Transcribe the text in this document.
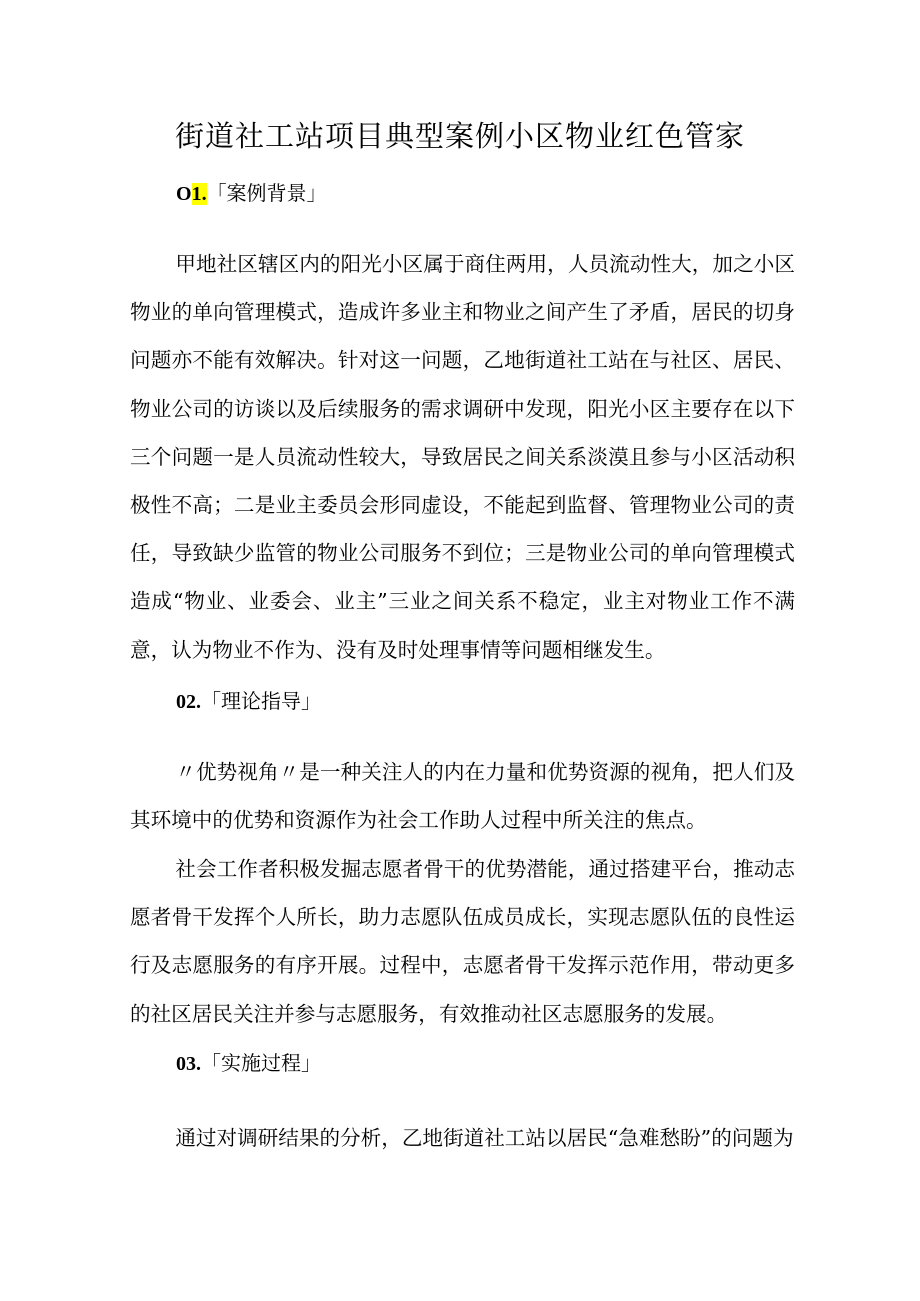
街道社工站项目典型案例小区物业红色管家
O1.「案例背景」

甲地社区辖区内的阳光小区属于商住两用，人员流动性大，加之小区物业的单向管理模式，造成许多业主和物业之间产生了矛盾，居民的切身问题亦不能有效解决。针对这一问题，乙地街道社工站在与社区、居民、物业公司的访谈以及后续服务的需求调研中发现，阳光小区主要存在以下三个问题一是人员流动性较大，导致居民之间关系淡漠且参与小区活动积极性不高；二是业主委员会形同虚设，不能起到监督、管理物业公司的责任，导致缺少监管的物业公司服务不到位；三是物业公司的单向管理模式造成“物业、业委会、业主”三业之间关系不稳定，业主对物业工作不满意，认为物业不作为、没有及时处理事情等问题相继发生。

02.「理论指导」

〃优势视角〃是一种关注人的内在力量和优势资源的视角，把人们及其环境中的优势和资源作为社会工作助人过程中所关注的焦点。

社会工作者积极发掘志愿者骨干的优势潜能，通过搭建平台，推动志愿者骨干发挥个人所长，助力志愿队伍成员成长，实现志愿队伍的良性运行及志愿服务的有序开展。过程中，志愿者骨干发挥示范作用，带动更多的社区居民关注并参与志愿服务，有效推动社区志愿服务的发展。

03.「实施过程」

通过对调研结果的分析，乙地街道社工站以居民“急难愁盼”的问题为
